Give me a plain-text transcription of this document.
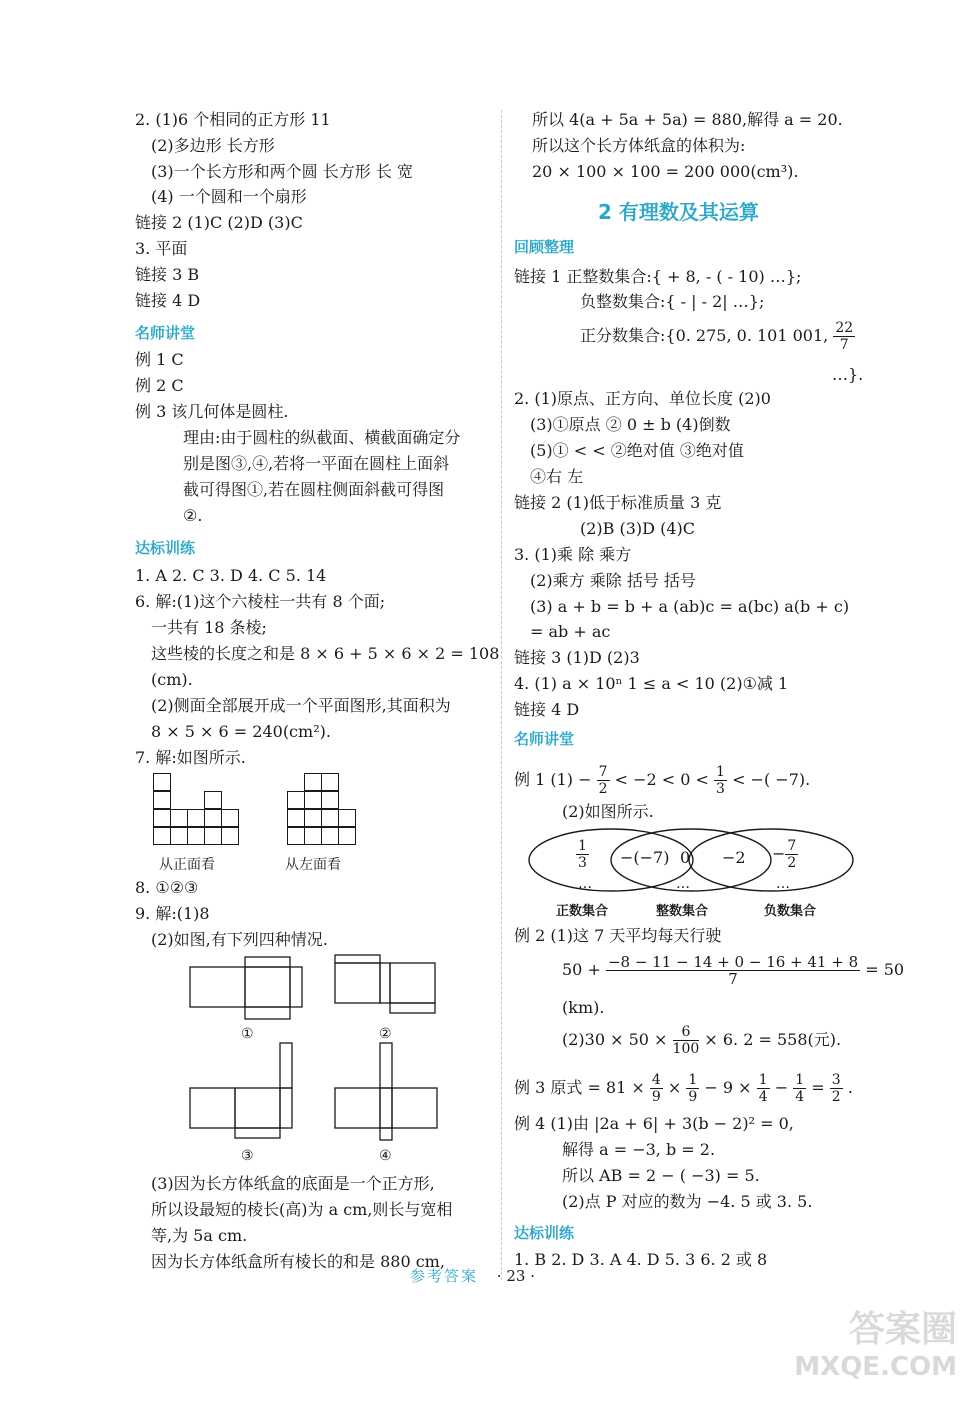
2. (1)6 个相同的正方形 11
(2)多边形 长方形
(3)一个长方形和两个圆 长方形 长 宽
(4) 一个圆和一个扇形
链接 2 (1)C (2)D (3)C
3. 平面
链接 3 B
链接 4 D
名师讲堂
例 1 C
例 2 C
例 3 该几何体是圆柱.
理由:由于圆柱的纵截面、横截面确定分
别是图③,④,若将一平面在圆柱上面斜
截可得图①,若在圆柱侧面斜截可得图
②.
达标训练
1. A 2. C 3. D 4. C 5. 14
6. 解:(1)这个六棱柱一共有 8 个面;
一共有 18 条棱;
这些棱的长度之和是 8 × 6 + 5 × 6 × 2 = 108
(cm).
(2)侧面全部展开成一个平面图形,其面积为
8 × 5 × 6 = 240(cm²).
7. 解:如图所示.
从正面看	从左面看
8. ①②③
9. 解:(1)8
(2)如图,有下列四种情况.
①	②
③	④
(3)因为长方体纸盒的底面是一个正方形,
所以设最短的棱长(高)为 a cm,则长与宽相
等,为 5a cm.
因为长方体纸盒所有棱长的和是 880 cm,
所以 4(a + 5a + 5a) = 880,解得 a = 20.
所以这个长方体纸盒的体积为:
20 × 100 × 100 = 200 000(cm³).
2 有理数及其运算
回顾整理
链接 1 正整数集合:{ + 8, - ( - 10) …};
负整数集合:{ - | - 2| …};
正分数集合:{0. 275, 0. 101 001, $\frac{22}{7}$
…}.
2. (1)原点、正方向、单位长度 (2)0
(3)①原点 ② 0 ± b (4)倒数
(5)① < < ②绝对值 ③绝对值
④右 左
链接 2 (1)低于标准质量 3 克
(2)B (3)D (4)C
3. (1)乘 除 乘方
(2)乘方 乘除 括号 括号
(3) a + b = b + a (ab)c = a(bc) a(b + c)
= ab + ac
链接 3 (1)D (2)3
4. (1) a × 10ⁿ 1 ≤ a < 10 (2)①减 1
链接 4 D
名师讲堂
例 1 $(1) - \frac{7}{2} < -2 < 0 < \frac{1}{3}$ < −( −7).
(2)如图所示.
$\frac{1}{3}$
…
−(−7) 0
…
$-2 - \frac{7}{2}$
…
正数集合	整数集合	负数集合
例 2 (1)这 7 天平均每天行驶
$50 + \frac{-8 - 11 - 14 + 0 - 16 + 41 + 8}{7} = 50$
(km).
$(2)30 \times 50 \times \frac{6}{100} \times 6$. 2 = 558(元).
例 3 原式 = $81 \times \frac{4}{9} \times \frac{1}{9} - 9 \times \frac{1}{4} - \frac{1}{4} = \frac{3}{2}$ .
例 4 (1)由 |2a + 6| + 3(b − 2)² = 0,
解得 a = −3, b = 2.
所以 AB = 2 − ( −3) = 5.
(2)点 P 对应的数为 −4. 5 或 3. 5.
达标训练
1. B 2. D 3. A 4. D 5. 3 6. 2 或 8
参考答案 · 23 ·
答案圈
MXQE.COM
